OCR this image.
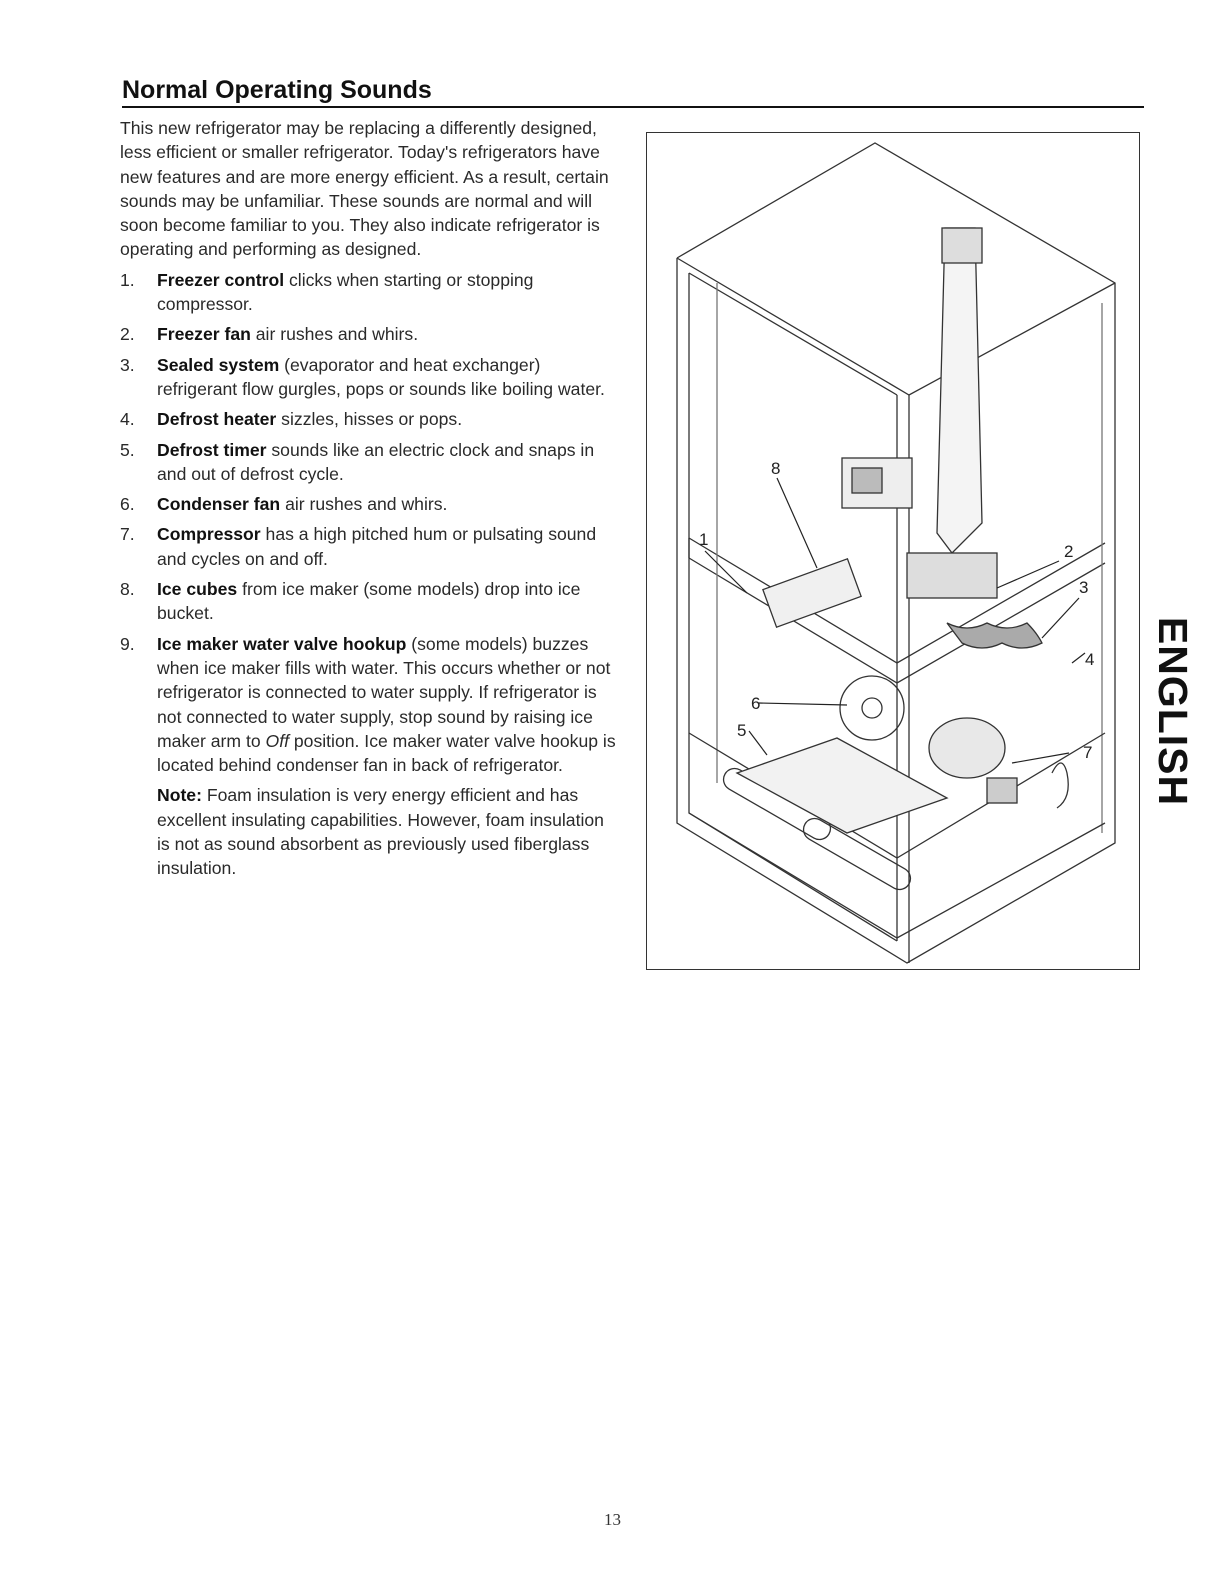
Normal Operating Sounds

This new refrigerator may be replacing a differently designed, less efficient or smaller refrigerator. Today's refrigerators have new features and are more energy efficient. As a result, certain sounds may be unfamiliar. These sounds are normal and will soon become familiar to you. They also indicate refrigerator is operating and performing as designed.

1. Freezer control clicks when starting or stopping compressor.
2. Freezer fan air rushes and whirs.
3. Sealed system (evaporator and heat exchanger) refrigerant flow gurgles, pops or sounds like boiling water.
4. Defrost heater sizzles, hisses or pops.
5. Defrost timer sounds like an electric clock and snaps in and out of defrost cycle.
6. Condenser fan air rushes and whirs.
7. Compressor has a high pitched hum or pulsating sound and cycles on and off.
8. Ice cubes from ice maker (some models) drop into ice bucket.
9. Ice maker water valve hookup (some models) buzzes when ice maker fills with water. This occurs whether or not refrigerator is connected to water supply. If refrigerator is not connected to water supply, stop sound by raising ice maker arm to Off position. Ice maker water valve hookup is located behind condenser fan in back of refrigerator.

Note: Foam insulation is very energy efficient and has excellent insulating capabilities. However, foam insulation is not as sound absorbent as previously used fiberglass insulation.

1
2
3
4
5
6
7
8
ENGLISH
13
